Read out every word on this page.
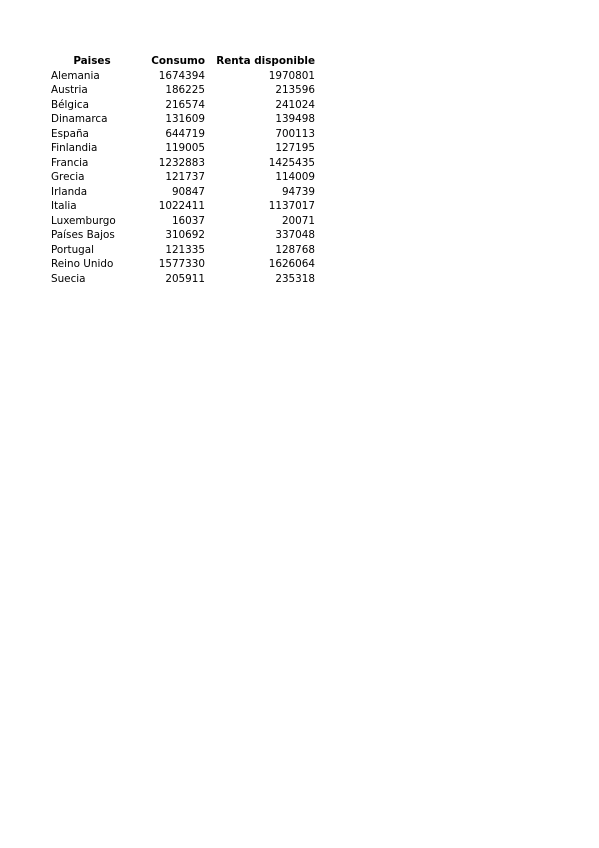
Paises	Consumo	Renta disponible
Alemania	1674394	1970801
Austria	186225	213596
Bélgica	216574	241024
Dinamarca	131609	139498
España	644719	700113
Finlandia	119005	127195
Francia	1232883	1425435
Grecia	121737	114009
Irlanda	90847	94739
Italia	1022411	1137017
Luxemburgo	16037	20071
Países Bajos	310692	337048
Portugal	121335	128768
Reino Unido	1577330	1626064
Suecia	205911	235318
